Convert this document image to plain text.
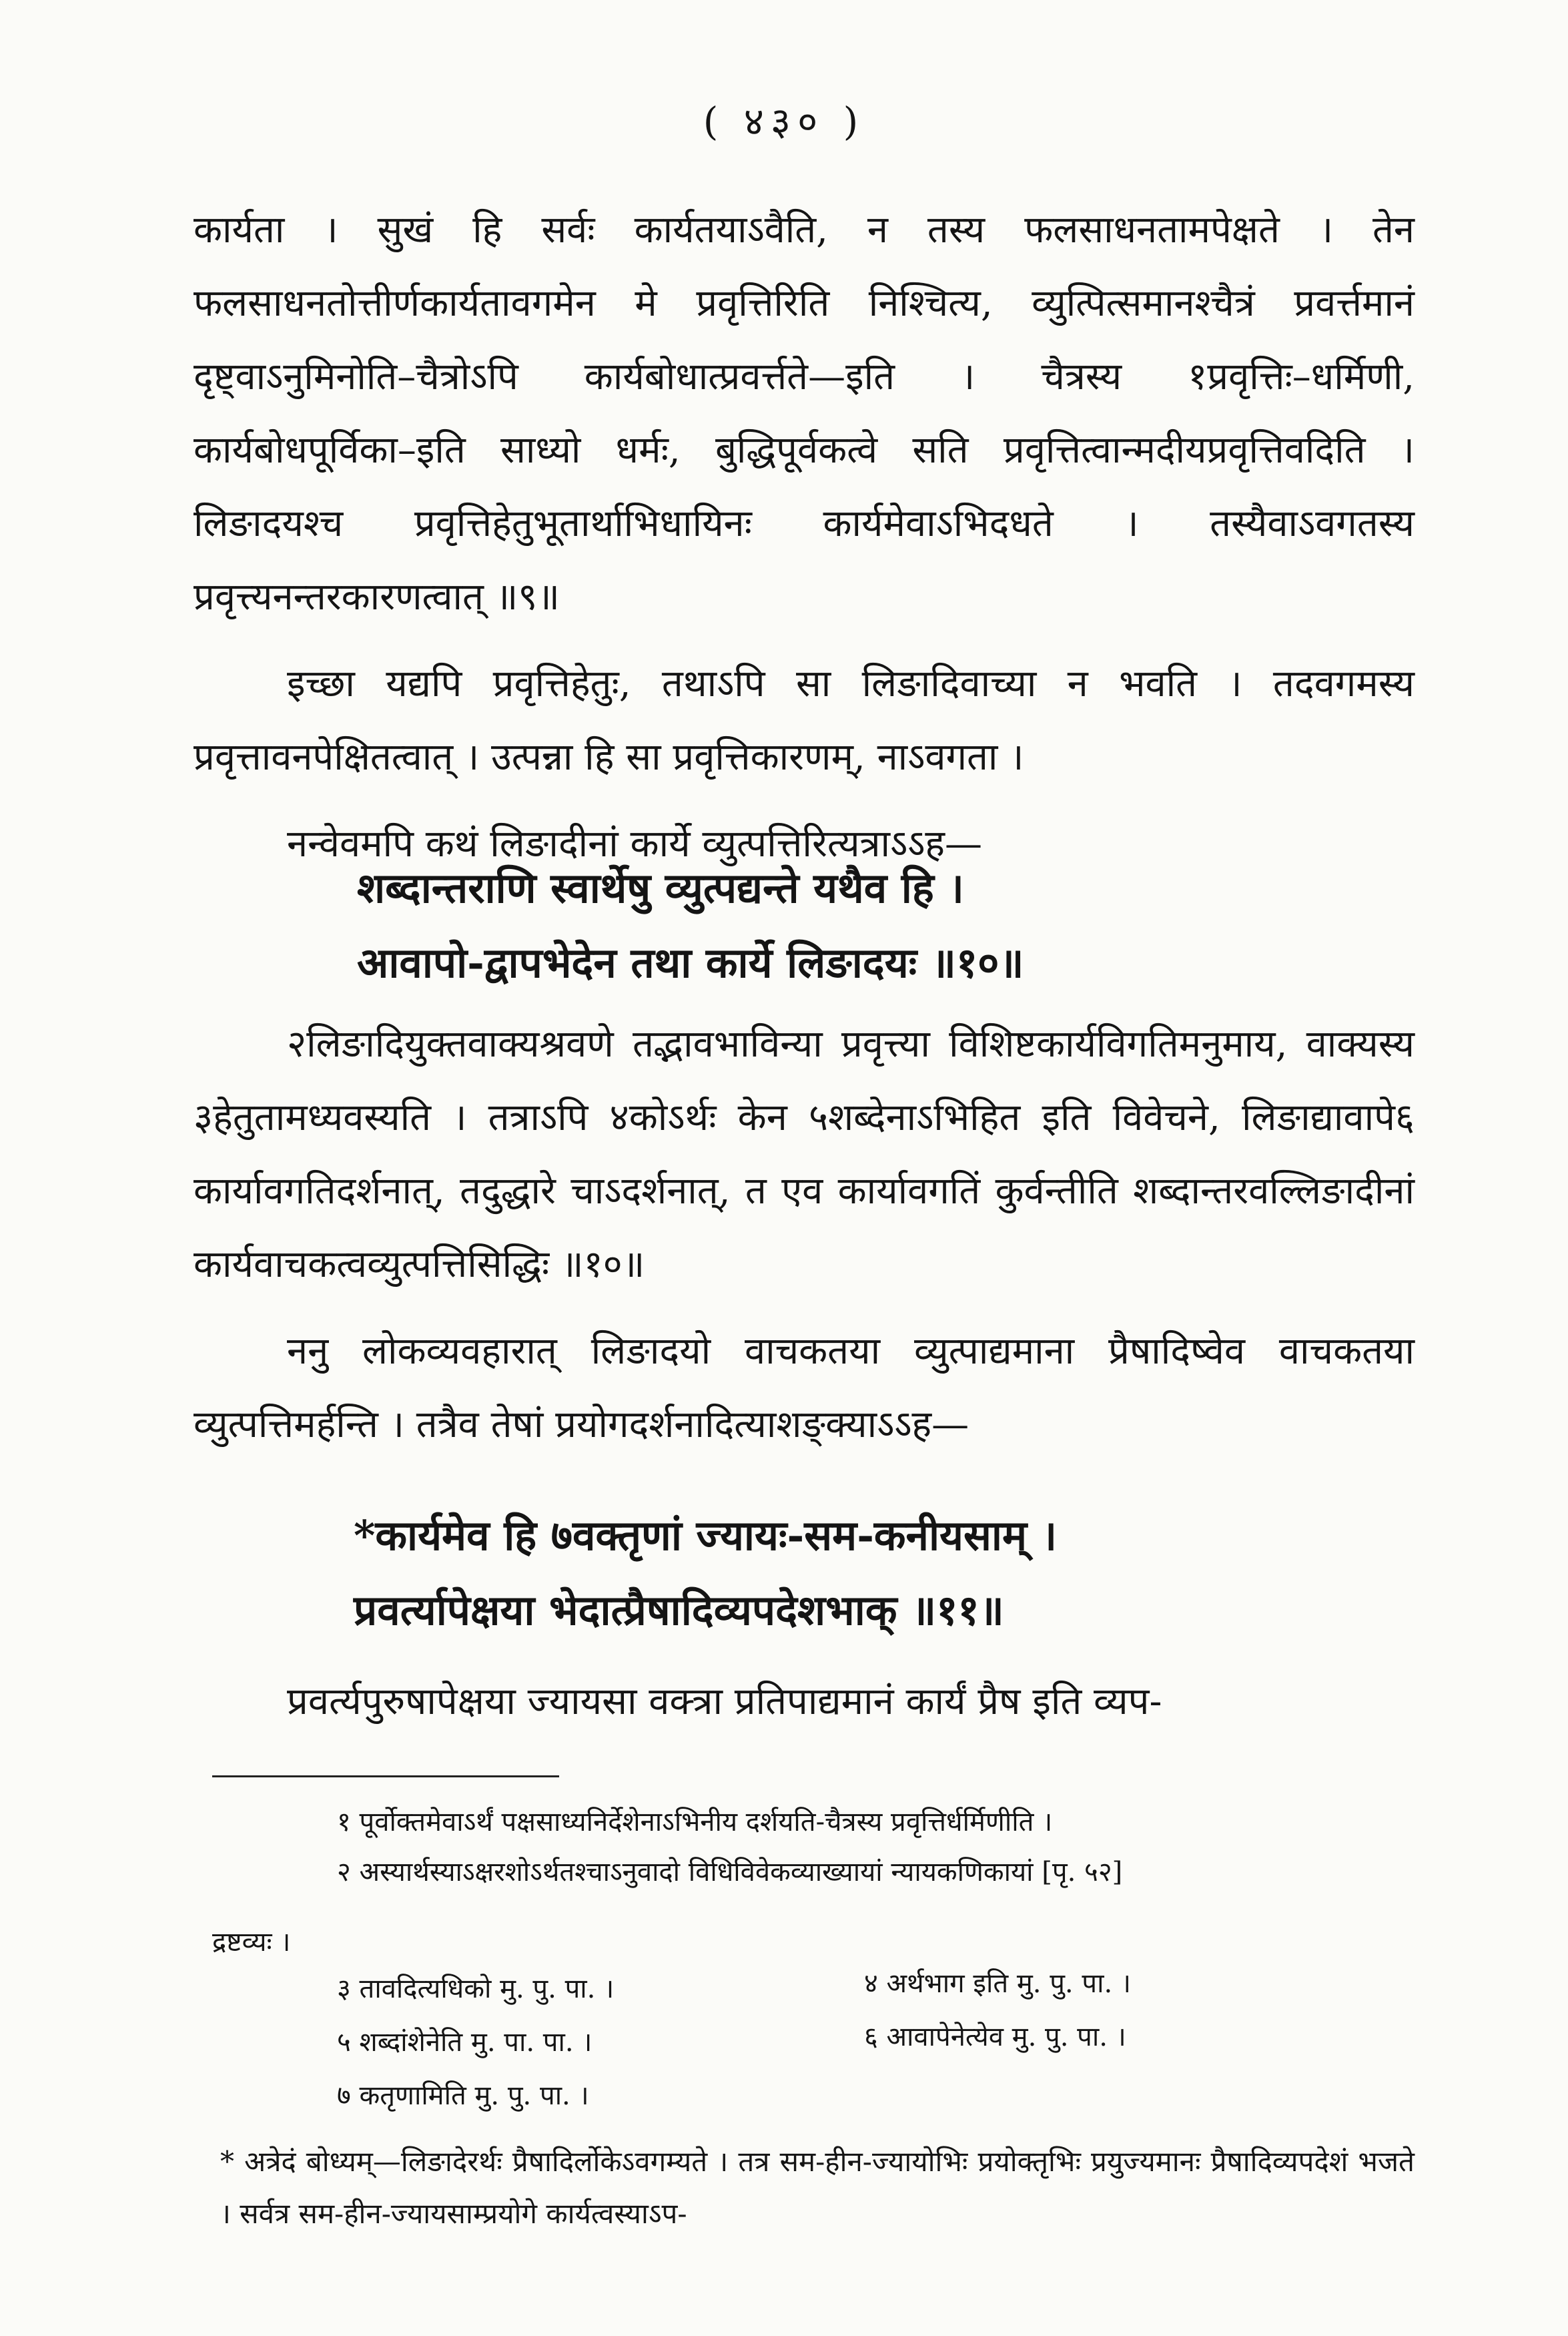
( ४३० )

कार्यता । सुखं हि सर्वः कार्यतयाऽवैति, न तस्य फलसाधनतामपेक्षते । तेन फलसाधनतोत्तीर्णकार्यतावगमेन मे प्रवृत्तिरिति निश्चित्य, व्युत्पित्समानश्चैत्रं प्रवर्त्तमानं दृष्ट्वाऽनुमिनोति–चैत्रोऽपि कार्यबोधात्प्रवर्त्तते—इति । चैत्रस्य १प्रवृत्तिः–धर्मिणी, कार्यबोधपूर्विका–इति साध्यो धर्मः, बुद्धिपूर्वकत्वे सति प्रवृत्तित्वान्मदीयप्रवृत्तिवदिति । लिङादयश्च प्रवृत्तिहेतुभूतार्थाभिधायिनः कार्यमेवाऽभिदधते । तस्यैवाऽवगतस्य प्रवृत्त्यनन्तरकारणत्वात् ॥९॥

इच्छा यद्यपि प्रवृत्तिहेतुः, तथाऽपि सा लिङादिवाच्या न भवति । तदवगमस्य प्रवृत्तावनपेक्षितत्वात् । उत्पन्ना हि सा प्रवृत्तिकारणम्, नाऽवगता ।

नन्वेवमपि कथं लिङादीनां कार्ये व्युत्पत्तिरित्यत्राऽऽह—

शब्दान्तराणि स्वार्थेषु व्युत्पद्यन्ते यथैव हि ।
आवापो-द्वापभेदेन तथा कार्ये लिङादयः ॥१०॥

२लिङादियुक्तवाक्यश्रवणे तद्भावभाविन्या प्रवृत्त्या विशिष्टकार्यविगतिमनुमाय, वाक्यस्य ३हेतुतामध्यवस्यति । तत्राऽपि ४कोऽर्थः केन ५शब्देनाऽभिहित इति विवेचने, लिङाद्यावापे६ कार्यावगतिदर्शनात्, तदुद्धारे चाऽदर्शनात्, त एव कार्यावगतिं कुर्वन्तीति शब्दान्तरवल्लिङादीनां कार्यवाचकत्वव्युत्पत्तिसिद्धिः ॥१०॥

ननु लोकव्यवहारात् लिङादयो वाचकतया व्युत्पाद्यमाना प्रैषादिष्वेव वाचकतया व्युत्पत्तिमर्हन्ति । तत्रैव तेषां प्रयोगदर्शनादित्याशङ्क्याऽऽह—

*कार्यमेव हि ७वक्तृणां ज्यायः-सम-कनीयसाम् ।
प्रवर्त्यापेक्षया भेदात्प्रैषादिव्यपदेशभाक् ॥११॥

प्रवर्त्यपुरुषापेक्षया ज्यायसा वक्त्रा प्रतिपाद्यमानं कार्यं प्रैष इति व्यप-

१ पूर्वोक्तमेवाऽर्थं पक्षसाध्यनिर्देशेनाऽभिनीय दर्शयति-चैत्रस्य प्रवृत्तिर्धर्मिणीति ।
२ अस्यार्थस्याऽक्षरशोऽर्थतश्चाऽनुवादो विधिविवेकव्याख्यायां न्यायकणिकायां [पृ. ५२]
द्रष्टव्यः ।
३ तावदित्यधिको मु. पु. पा. ।	४ अर्थभाग इति मु. पु. पा. ।
५ शब्दांशेनेति मु. पा. पा. ।	६ आवापेनेत्येव मु. पु. पा. ।
७ कतृणामिति मु. पु. पा. ।
* अत्रेदं बोध्यम्—लिङादेरर्थः प्रैषादिर्लोकेऽवगम्यते । तत्र सम-हीन-ज्यायोभिः प्रयोक्तृभिः प्रयुज्यमानः प्रैषादिव्यपदेशं भजते । सर्वत्र सम-हीन-ज्यायसाम्प्रयोगे कार्यत्वस्याऽप-
